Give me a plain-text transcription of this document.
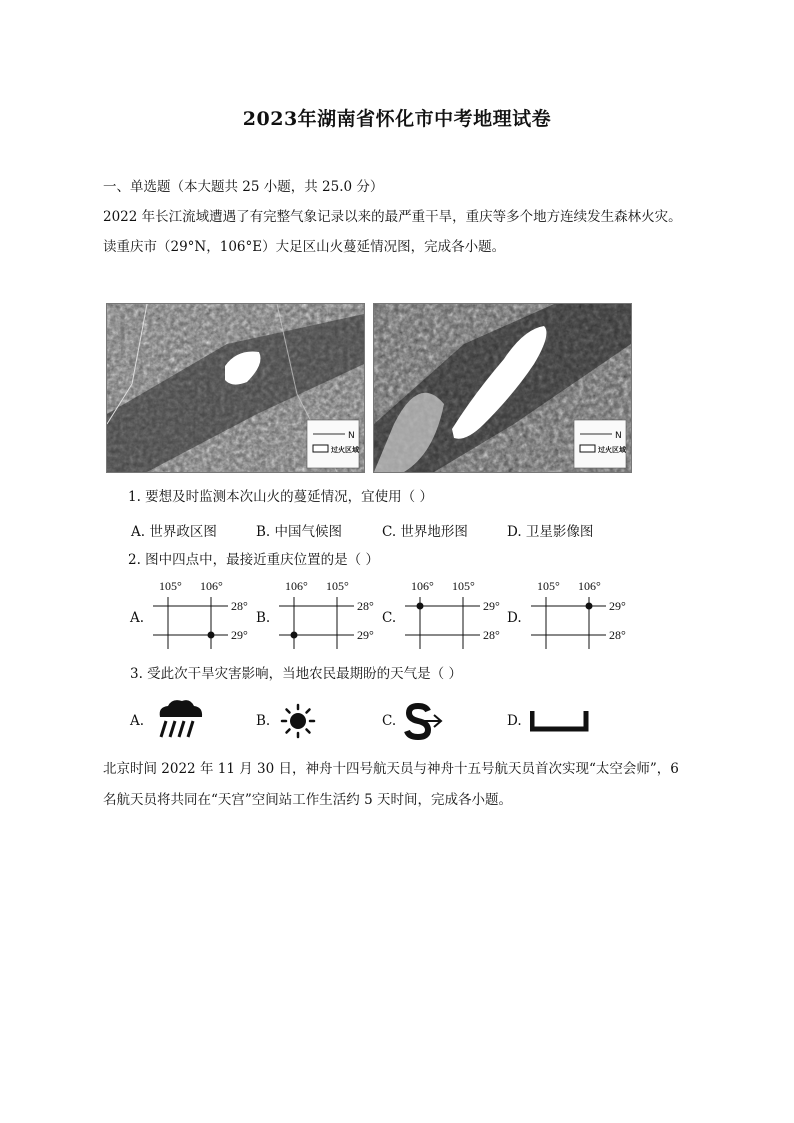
2023年湖南省怀化市中考地理试卷
一、单选题（本大题共 25 小题，共 25.0 分）
2022 年长江流域遭遇了有完整气象记录以来的最严重干旱，重庆等多个地方连续发生森林火灾。
读重庆市（29°N，106°E）大足区山火蔓延情况图，完成各小题。
N
过火区域
N
过火区域
1. 要想及时监测本次山火的蔓延情况，宜使用（ ）
A. 世界政区图	B. 中国气候图	C. 世界地形图	D. 卫星影像图
2. 图中四点中，最接近重庆位置的是（ ）
A.	B.	C.	D.
105° 106°
28°
29°
106° 105°
28°
29°
106° 105°
29°
28°
105° 106°
29°
28°
3. 受此次干旱灾害影响，当地农民最期盼的天气是（ ）
A.	B.	C.	D.
北京时间 2022 年 11 月 30 日，神舟十四号航天员与神舟十五号航天员首次实现“太空会师”，6
名航天员将共同在“天宫”空间站工作生活约 5 天时间，完成各小题。
